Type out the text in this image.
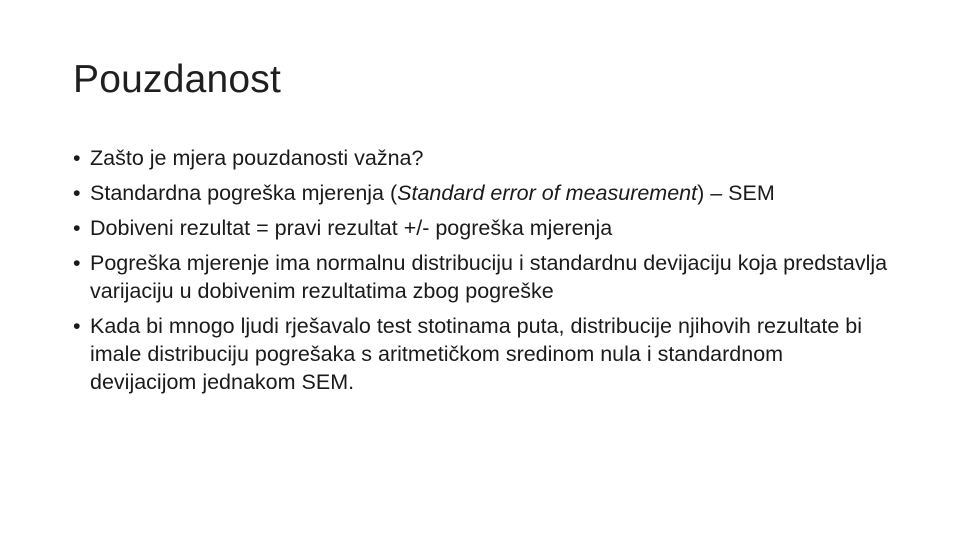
Pouzdanost
• Zašto je mjera pouzdanosti važna?
• Standardna pogreška mjerenja (Standard error of measurement) – SEM
• Dobiveni rezultat = pravi rezultat +/- pogreška mjerenja
• Pogreška mjerenje ima normalnu distribuciju i standardnu devijaciju koja predstavlja varijaciju u dobivenim rezultatima zbog pogreške
• Kada bi mnogo ljudi rješavalo test stotinama puta, distribucije njihovih rezultate bi imale distribuciju pogrešaka s aritmetičkom sredinom nula i standardnom devijacijom jednakom SEM.
